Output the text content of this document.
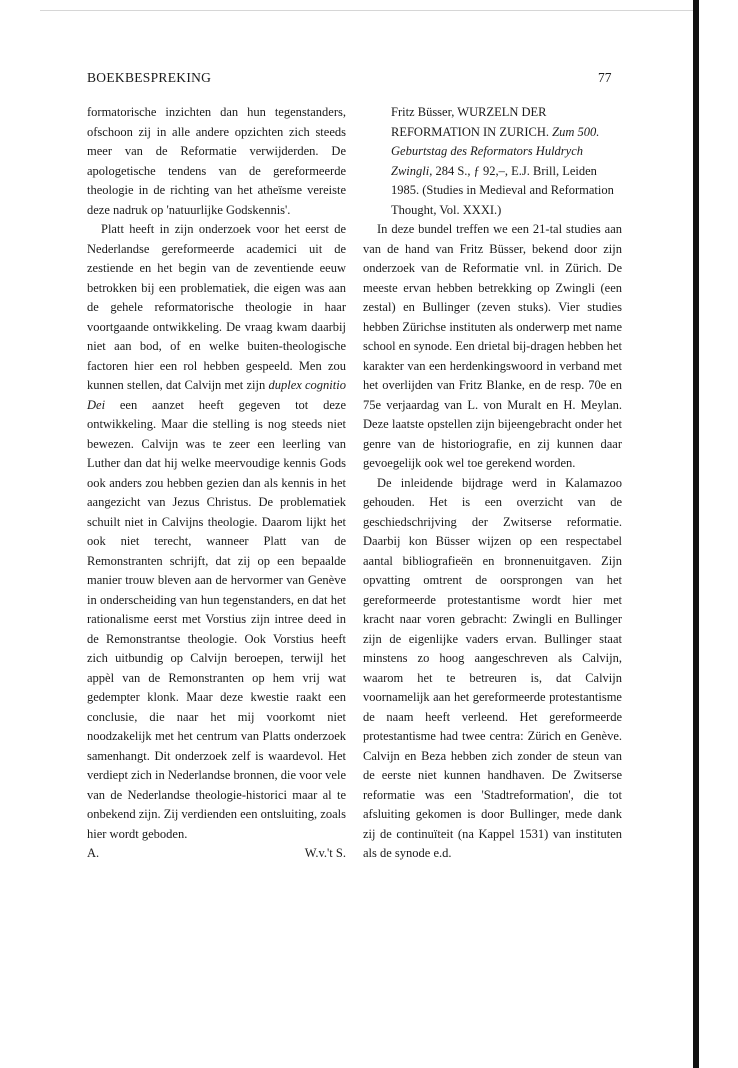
BOEKBESPREKING	77

formatorische inzichten dan hun tegenstanders, ofschoon zij in alle andere opzichten zich steeds meer van de Reformatie verwijderden. De apologetische tendens van de gereformeerde theologie in de richting van het atheïsme vereiste deze nadruk op 'natuurlijke Godskennis'.

Platt heeft in zijn onderzoek voor het eerst de Nederlandse gereformeerde academici uit de zestiende en het begin van de zeventiende eeuw betrokken bij een problematiek, die eigen was aan de gehele reformatorische theologie in haar voortgaande ontwikkeling. De vraag kwam daarbij niet aan bod, of en welke buiten-theologische factoren hier een rol hebben gespeeld. Men zou kunnen stellen, dat Calvijn met zijn duplex cognitio Dei een aanzet heeft gegeven tot deze ontwikkeling. Maar die stelling is nog steeds niet bewezen. Calvijn was te zeer een leerling van Luther dan dat hij welke meervoudige kennis Gods ook anders zou hebben gezien dan als kennis in het aangezicht van Jezus Christus. De problematiek schuilt niet in Calvijns theologie. Daarom lijkt het ook niet terecht, wanneer Platt van de Remonstranten schrijft, dat zij op een bepaalde manier trouw bleven aan de hervormer van Genève in onderscheiding van hun tegenstanders, en dat het rationalisme eerst met Vorstius zijn intree deed in de Remonstrantse theologie. Ook Vorstius heeft zich uitbundig op Calvijn beroepen, terwijl het appèl van de Remonstranten op hem vrij wat gedempter klonk. Maar deze kwestie raakt een conclusie, die naar het mij voorkomt niet noodzakelijk met het centrum van Platts onderzoek samenhangt. Dit onderzoek zelf is waardevol. Het verdiept zich in Nederlandse bronnen, die voor vele van de Nederlandse theologie-historici maar al te onbekend zijn. Zij verdienden een ontsluiting, zoals hier wordt geboden.

A.	W.v.'t S.

Fritz Büsser, WURZELN DER REFORMATION IN ZURICH. Zum 500. Geburtstag des Reformators Huldrych Zwingli, 284 S., ƒ 92,–, E.J. Brill, Leiden 1985. (Studies in Medieval and Reformation Thought, Vol. XXXI.)

In deze bundel treffen we een 21-tal studies aan van de hand van Fritz Büsser, bekend door zijn onderzoek van de Reformatie vnl. in Zürich. De meeste ervan hebben betrekking op Zwingli (een zestal) en Bullinger (zeven stuks). Vier studies hebben Zürichse instituten als onderwerp met name school en synode. Een drietal bij-dragen hebben het karakter van een herdenkingswoord in verband met het overlijden van Fritz Blanke, en de resp. 70e en 75e verjaardag van L. von Muralt en H. Meylan. Deze laatste opstellen zijn bijeengebracht onder het genre van de historiografie, en zij kunnen daar gevoegelijk ook wel toe gerekend worden.

De inleidende bijdrage werd in Kalamazoo gehouden. Het is een overzicht van de geschiedschrijving der Zwitserse reformatie. Daarbij kon Büsser wijzen op een respectabel aantal bibliografieën en bronnenuitgaven. Zijn opvatting omtrent de oorsprongen van het gereformeerde protestantisme wordt hier met kracht naar voren gebracht: Zwingli en Bullinger zijn de eigenlijke vaders ervan. Bullinger staat minstens zo hoog aangeschreven als Calvijn, waarom het te betreuren is, dat Calvijn voornamelijk aan het gereformeerde protestantisme de naam heeft verleend. Het gereformeerde protestantisme had twee centra: Zürich en Genève. Calvijn en Beza hebben zich zonder de steun van de eerste niet kunnen handhaven. De Zwitserse reformatie was een 'Stadtreformation', die tot afsluiting gekomen is door Bullinger, mede dank zij de continuïteit (na Kappel 1531) van instituten als de synode e.d.
